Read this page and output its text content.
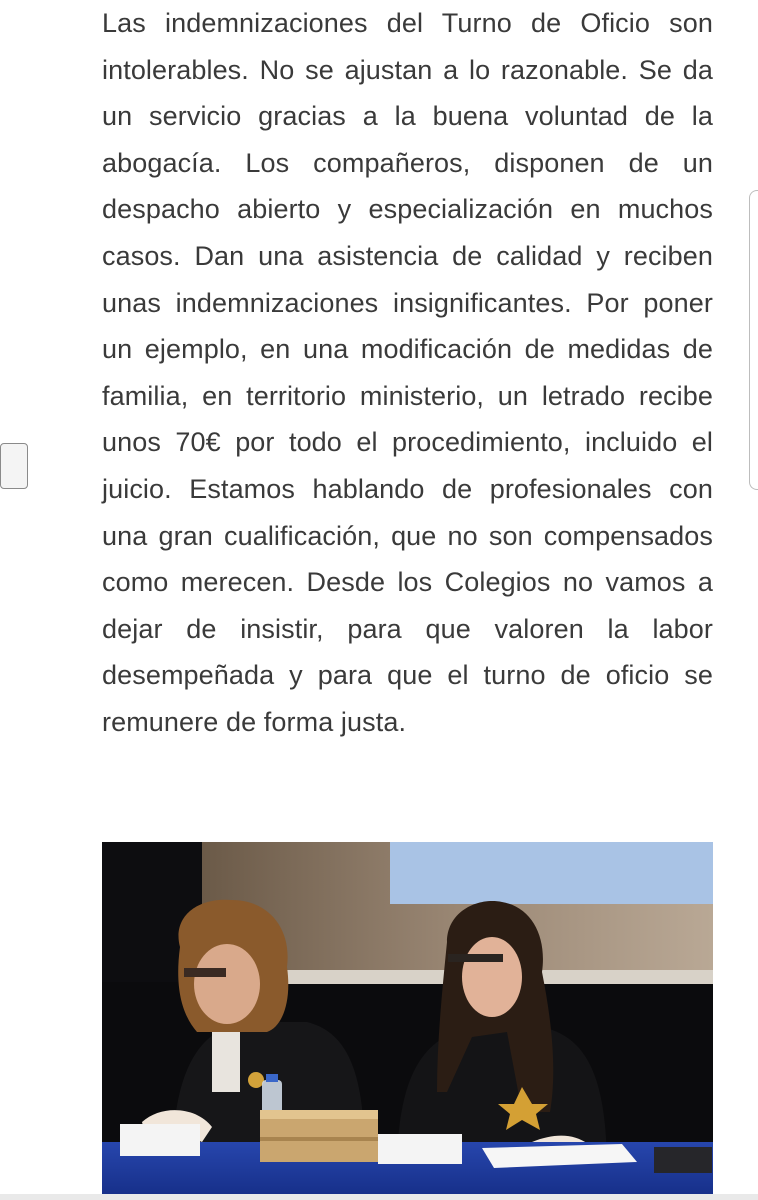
Las indemnizaciones del Turno de Oficio son intolerables. No se ajustan a lo razonable. Se da un servicio gracias a la buena voluntad de la abogacía. Los compañeros, disponen de un despacho abierto y especialización en muchos casos. Dan una asistencia de calidad y reciben unas indemnizaciones insignificantes. Por poner un ejemplo, en una modificación de medidas de familia, en territorio ministerio, un letrado recibe unos 70€ por todo el procedimiento, incluido el juicio. Estamos hablando de profesionales con una gran cualificación, que no son compensados como merecen. Desde los Colegios no vamos a dejar de insistir, para que valoren la labor desempeñada y para que el turno de oficio se remunere de forma justa.
